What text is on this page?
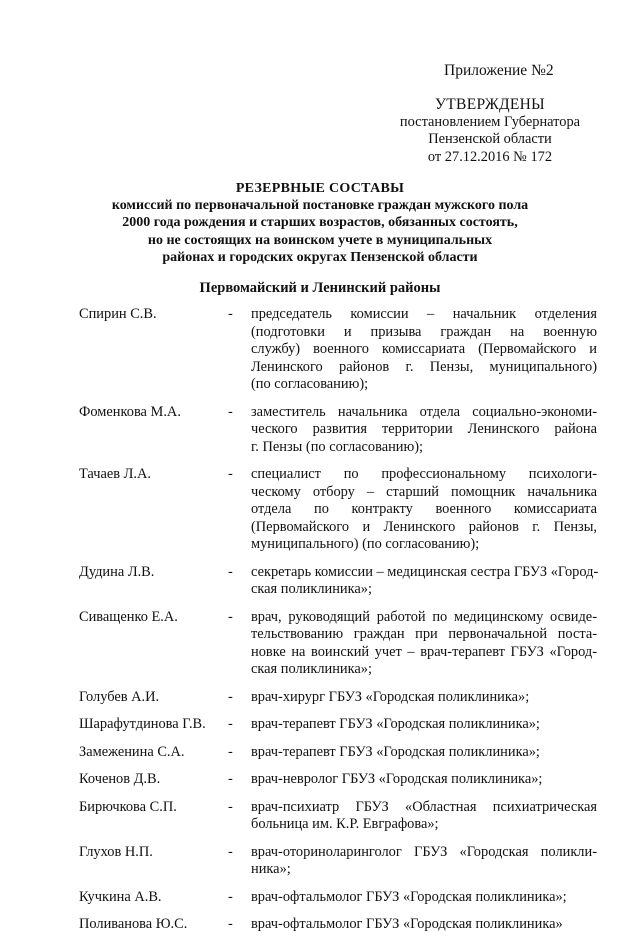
Приложение №2
УТВЕРЖДЕНЫ
постановлением Губернатора
Пензенской области
от 27.12.2016 № 172
РЕЗЕРВНЫЕ СОСТАВЫ
комиссий по первоначальной постановке граждан мужского пола
2000 года рождения и старших возрастов, обязанных состоять,
но не состоящих на воинском учете в муниципальных
районах и городских округах Пензенской области
Первомайский и Ленинский районы
Спирин С.В.	- председатель комиссии – начальник отделения
(подготовки и призыва граждан на военную
службу) военного комиссариата (Первомайского и
Ленинского районов г. Пензы, муниципального)
(по согласованию);
Фоменкова М.А.	- заместитель начальника отдела социально-экономи-
ческого развития территории Ленинского района
г. Пензы (по согласованию);
Тачаев Л.А.	- специалист по профессиональному психологи-
ческому отбору – старший помощник начальника
отдела по контракту военного комиссариата
(Первомайского и Ленинского районов г. Пензы,
муниципального) (по согласованию);
Дудина Л.В.	- секретарь комиссии – медицинская сестра ГБУЗ «Город-
ская поликлиника»;
Сиващенко Е.А.	- врач, руководящий работой по медицинскому освиде-
тельствованию граждан при первоначальной поста-
новке на воинский учет – врач-терапевт ГБУЗ «Город-
ская поликлиника»;
Голубев А.И.	- врач-хирург ГБУЗ «Городская поликлиника»;
Шарафутдинова Г.В. - врач-терапевт ГБУЗ «Городская поликлиника»;
Замеженина С.А.	- врач-терапевт ГБУЗ «Городская поликлиника»;
Коченов Д.В.	- врач-невролог ГБУЗ «Городская поликлиника»;
Бирючкова С.П.	- врач-психиатр ГБУЗ «Областная психиатрическая
больница им. К.Р. Евграфова»;
Глухов Н.П.	- врач-оториноларинголог ГБУЗ «Городская поликли-
ника»;
Кучкина А.В.	- врач-офтальмолог ГБУЗ «Городская поликлиника»;
Поливанова Ю.С.	- врач-офтальмолог ГБУЗ «Городская поликлиника»
